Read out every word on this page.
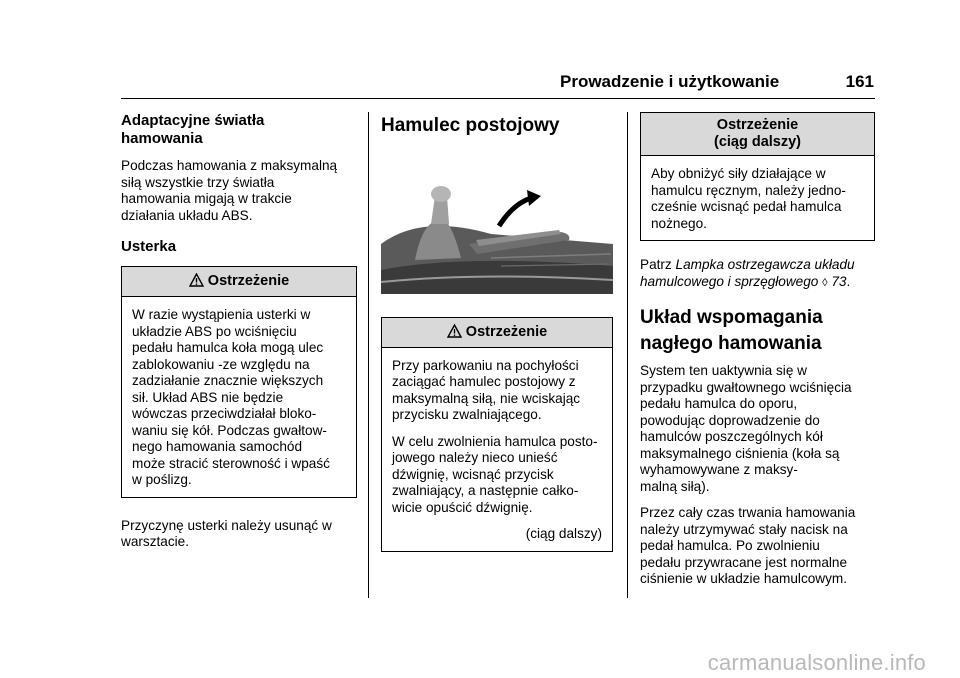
Prowadzenie i użytkowanie	161
Adaptacyjne światła
hamowania

Podczas hamowania z maksymalną
siłą wszystkie trzy światła
hamowania migają w trakcie
działania układu ABS.

Usterka
Ostrzeżenie
W razie wystąpienia usterki w
układzie ABS po wciśnięciu
pedału hamulca koła mogą ulec
zablokowaniu -ze względu na
zadziałanie znacznie większych
sił. Układ ABS nie będzie
wówczas przeciwdziałał bloko-
waniu się kół. Podczas gwałtow-
nego hamowania samochód
może stracić sterowność i wpaść
w poślizg.

Przyczynę usterki należy usunąć w
warsztacie.

Hamulec postojowy
Ostrzeżenie

Przy parkowaniu na pochyłości
zaciągać hamulec postojowy z
maksymalną siłą, nie wciskając
przycisku zwalniającego.

W celu zwolnienia hamulca posto-
jowego należy nieco unieść
dźwignię, wcisnąć przycisk
zwalniający, a następnie całko-
wicie opuścić dźwignię.

(ciąg dalszy)
Ostrzeżenie
(ciąg dalszy)
Aby obniżyć siły działające w
hamulcu ręcznym, należy jedno-
cześnie wcisnąć pedał hamulca
nożnego.

Patrz Lampka ostrzegawcza układu
hamulcowego i sprzęgłowego ◊ 73.

Układ wspomagania
nagłego hamowania

System ten uaktywnia się w
przypadku gwałtownego wciśnięcia
pedału hamulca do oporu,
powodując doprowadzenie do
hamulców poszczególnych kół
maksymalnego ciśnienia (koła są
wyhamowywane z maksy-
malną siłą).

Przez cały czas trwania hamowania
należy utrzymywać stały nacisk na
pedał hamulca. Po zwolnieniu
pedału przywracane jest normalne
ciśnienie w układzie hamulcowym.

carmanualsonline.info
